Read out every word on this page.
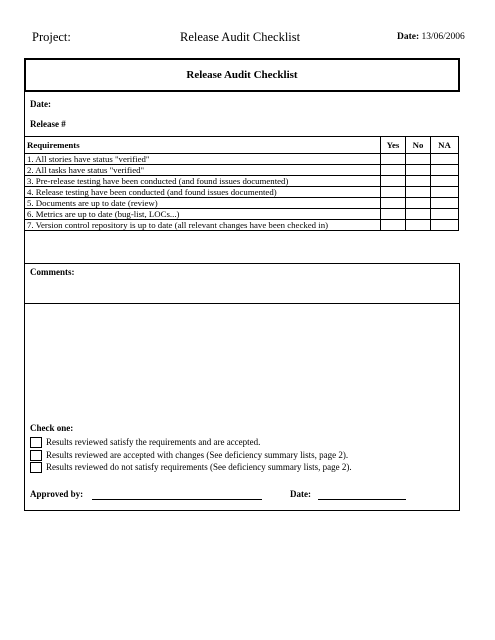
Project:	Release Audit Checklist	Date: 13/06/2006
Release Audit Checklist
Date:
Release #
Requirements	Yes	No	NA
1. All stories have status "verified"			
2. All tasks have status "verified"			
3. Pre-release testing have been conducted (and found issues documented)			
4. Release testing have been conducted (and found issues documented)			
5. Documents are up to date (review)			
6. Metrics are up to date (bug-list, LOCs...)			
7. Version control repository is up to date (all relevant changes have been checked in)			
Comments:
Check one:
Results reviewed satisfy the requirements and are accepted.
Results reviewed are accepted with changes (See deficiency summary lists, page 2).
Results reviewed do not satisfy requirements (See deficiency summary lists, page 2).
Approved by:	Date:
